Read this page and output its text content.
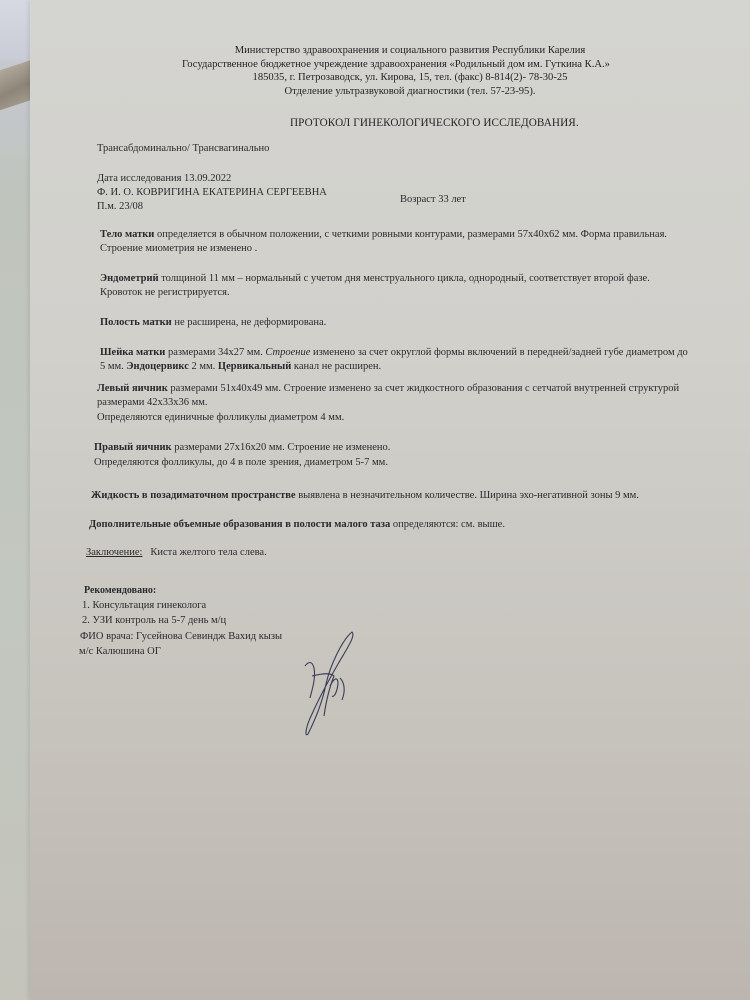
Министерство здравоохранения и социального развития Республики Карелия
Государственное бюджетное учреждение здравоохранения «Родильный дом им. Гуткина К.А.»
185035, г. Петрозаводск, ул. Кирова, 15, тел. (факс) 8-814(2)- 78-30-25
Отделение ультразвуковой диагностики (тел. 57-23-95).
ПРОТОКОЛ ГИНЕКОЛОГИЧЕСКОГО ИССЛЕДОВАНИЯ.
Трансабдоминально/ Трансвагинально
Дата исследования 13.09.2022
Ф. И. О. КОВРИГИНА ЕКАТЕРИНА СЕРГЕЕВНА
Возраст 33 лет
П.м. 23/08
Тело матки определяется в обычном положении, с четкими ровными контурами, размерами 57x40x62 мм. Форма правильная.
Строение миометрия не изменено .
Эндометрий толщиной 11 мм – нормальный с учетом дня менструального цикла, однородный, соответствует второй фазе.
Кровоток не регистрируется.
Полость матки не расширена, не деформирована.
Шейка матки размерами 34x27 мм. Строение изменено за счет округлой формы включений в передней/задней губе диаметром до
5 мм. Эндоцервикс 2 мм. Цервикальный канал не расширен.
Левый яичник размерами 51x40x49 мм. Строение изменено за счет жидкостного образования с сетчатой внутренней структурой
размерами 42x33x36 мм.
Определяются единичные фолликулы диаметром 4 мм.
Правый яичник размерами 27x16x20 мм. Строение не изменено.
Определяются фолликулы, до 4 в поле зрения, диаметром 5-7 мм.
Жидкость в позадиматочном пространстве выявлена в незначительном количестве. Ширина эхо-негативной зоны 9 мм.
Дополнительные объемные образования в полости малого таза определяются: см. выше.
Заключение: Киста желтого тела слева.
Рекомендовано:
1. Консультация гинеколога
2. УЗИ контроль на 5-7 день м/ц
ФИО врача: Гусейнова Севиндж Вахид кызы
м/с Калюшина ОГ
